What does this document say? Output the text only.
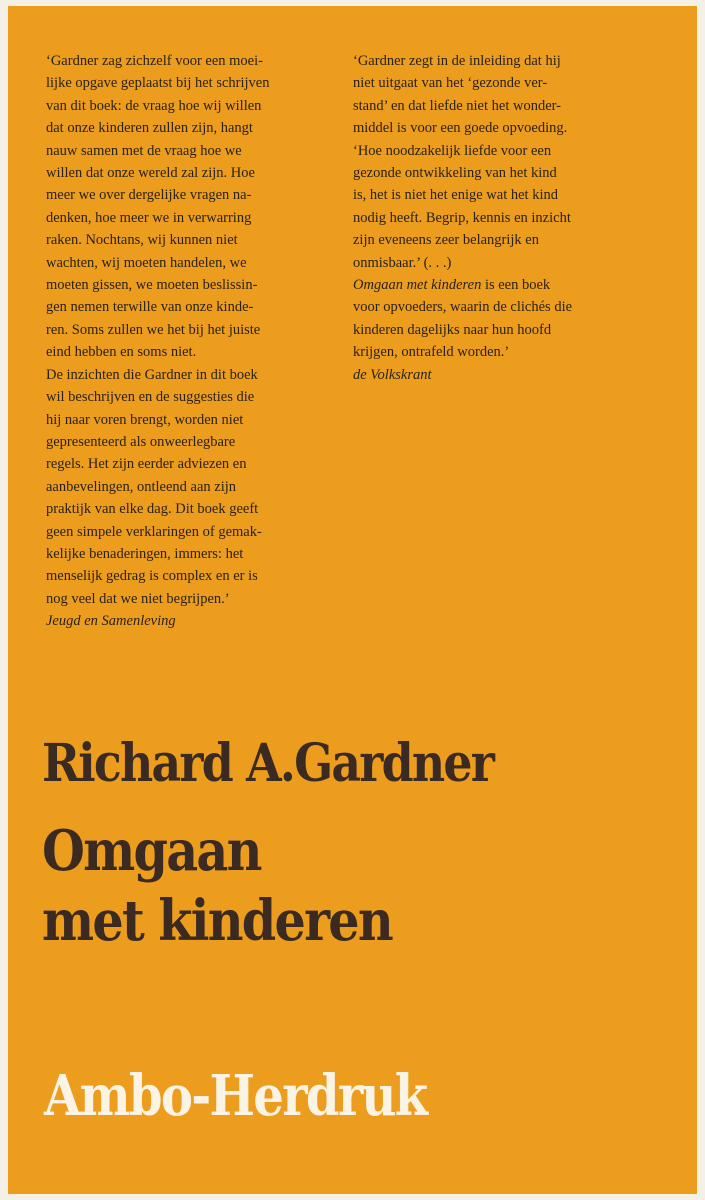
‘Gardner zag zichzelf voor een moei-
lijke opgave geplaatst bij het schrijven
van dit boek: de vraag hoe wij willen
dat onze kinderen zullen zijn, hangt
nauw samen met de vraag hoe we
willen dat onze wereld zal zijn. Hoe
meer we over dergelijke vragen na-
denken, hoe meer we in verwarring
raken. Nochtans, wij kunnen niet
wachten, wij moeten handelen, we
moeten gissen, we moeten beslissin-
gen nemen terwille van onze kinde-
ren. Soms zullen we het bij het juiste
eind hebben en soms niet.
De inzichten die Gardner in dit boek
wil beschrijven en de suggesties die
hij naar voren brengt, worden niet
gepresenteerd als onweerlegbare
regels. Het zijn eerder adviezen en
aanbevelingen, ontleend aan zijn
praktijk van elke dag. Dit boek geeft
geen simpele verklaringen of gemak-
kelijke benaderingen, immers: het
menselijk gedrag is complex en er is
nog veel dat we niet begrijpen.’
Jeugd en Samenleving
‘Gardner zegt in de inleiding dat hij
niet uitgaat van het ‘gezonde ver-
stand’ en dat liefde niet het wonder-
middel is voor een goede opvoeding.
‘Hoe noodzakelijk liefde voor een
gezonde ontwikkeling van het kind
is, het is niet het enige wat het kind
nodig heeft. Begrip, kennis en inzicht
zijn eveneens zeer belangrijk en
onmisbaar.’ (. . .)
Omgaan met kinderen is een boek
voor opvoeders, waarin de clichés die
kinderen dagelijks naar hun hoofd
krijgen, ontrafeld worden.’
de Volkskrant
Richard A.Gardner
Omgaan
met kinderen
Ambo-Herdruk
